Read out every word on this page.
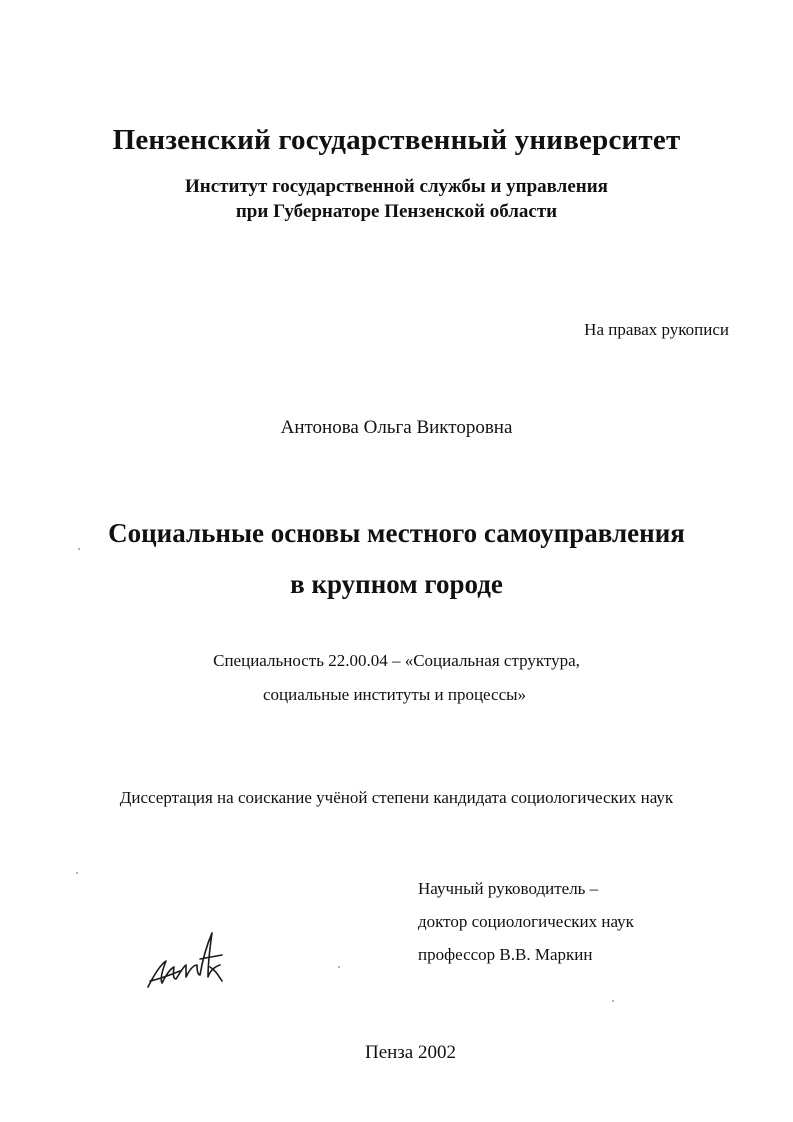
Пензенский государственный университет
Институт государственной службы и управления
при Губернаторе Пензенской области
На правах рукописи
Антонова Ольга Викторовна
Социальные основы местного самоуправления
в крупном городе
Специальность 22.00.04 – «Социальная структура,
социальные институты и процессы»
Диссертация на соискание учёной степени кандидата социологических наук
Научный руководитель –
доктор социологических наук
профессор В.В. Маркин
Пенза 2002
